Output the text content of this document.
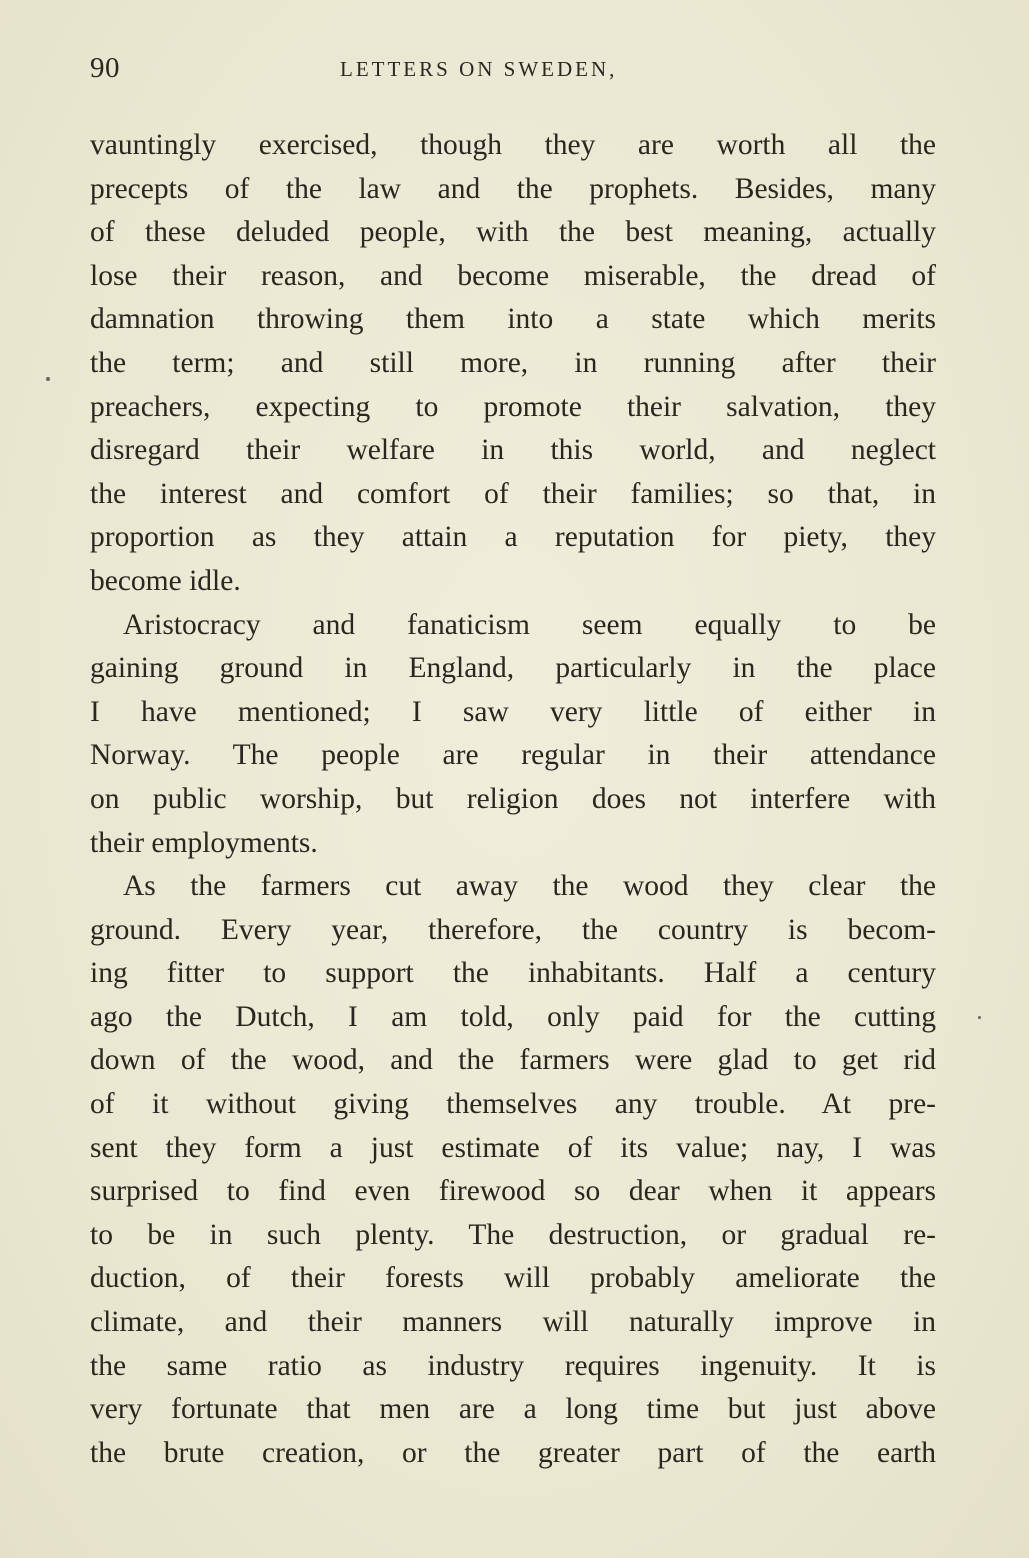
90	LETTERS ON SWEDEN,
vauntingly exercised, though they are worth all the
precepts of the law and the prophets. Besides, many
of these deluded people, with the best meaning, actually
lose their reason, and become miserable, the dread of
damnation throwing them into a state which merits
the term; and still more, in running after their
preachers, expecting to promote their salvation, they
disregard their welfare in this world, and neglect
the interest and comfort of their families; so that, in
proportion as they attain a reputation for piety, they
become idle.
Aristocracy and fanaticism seem equally to be
gaining ground in England, particularly in the place
I have mentioned; I saw very little of either in
Norway. The people are regular in their attendance
on public worship, but religion does not interfere with
their employments.
As the farmers cut away the wood they clear the
ground. Every year, therefore, the country is becom-
ing fitter to support the inhabitants. Half a century
ago the Dutch, I am told, only paid for the cutting
down of the wood, and the farmers were glad to get rid
of it without giving themselves any trouble. At pre-
sent they form a just estimate of its value; nay, I was
surprised to find even firewood so dear when it appears
to be in such plenty. The destruction, or gradual re-
duction, of their forests will probably ameliorate the
climate, and their manners will naturally improve in
the same ratio as industry requires ingenuity. It is
very fortunate that men are a long time but just above
the brute creation, or the greater part of the earth
